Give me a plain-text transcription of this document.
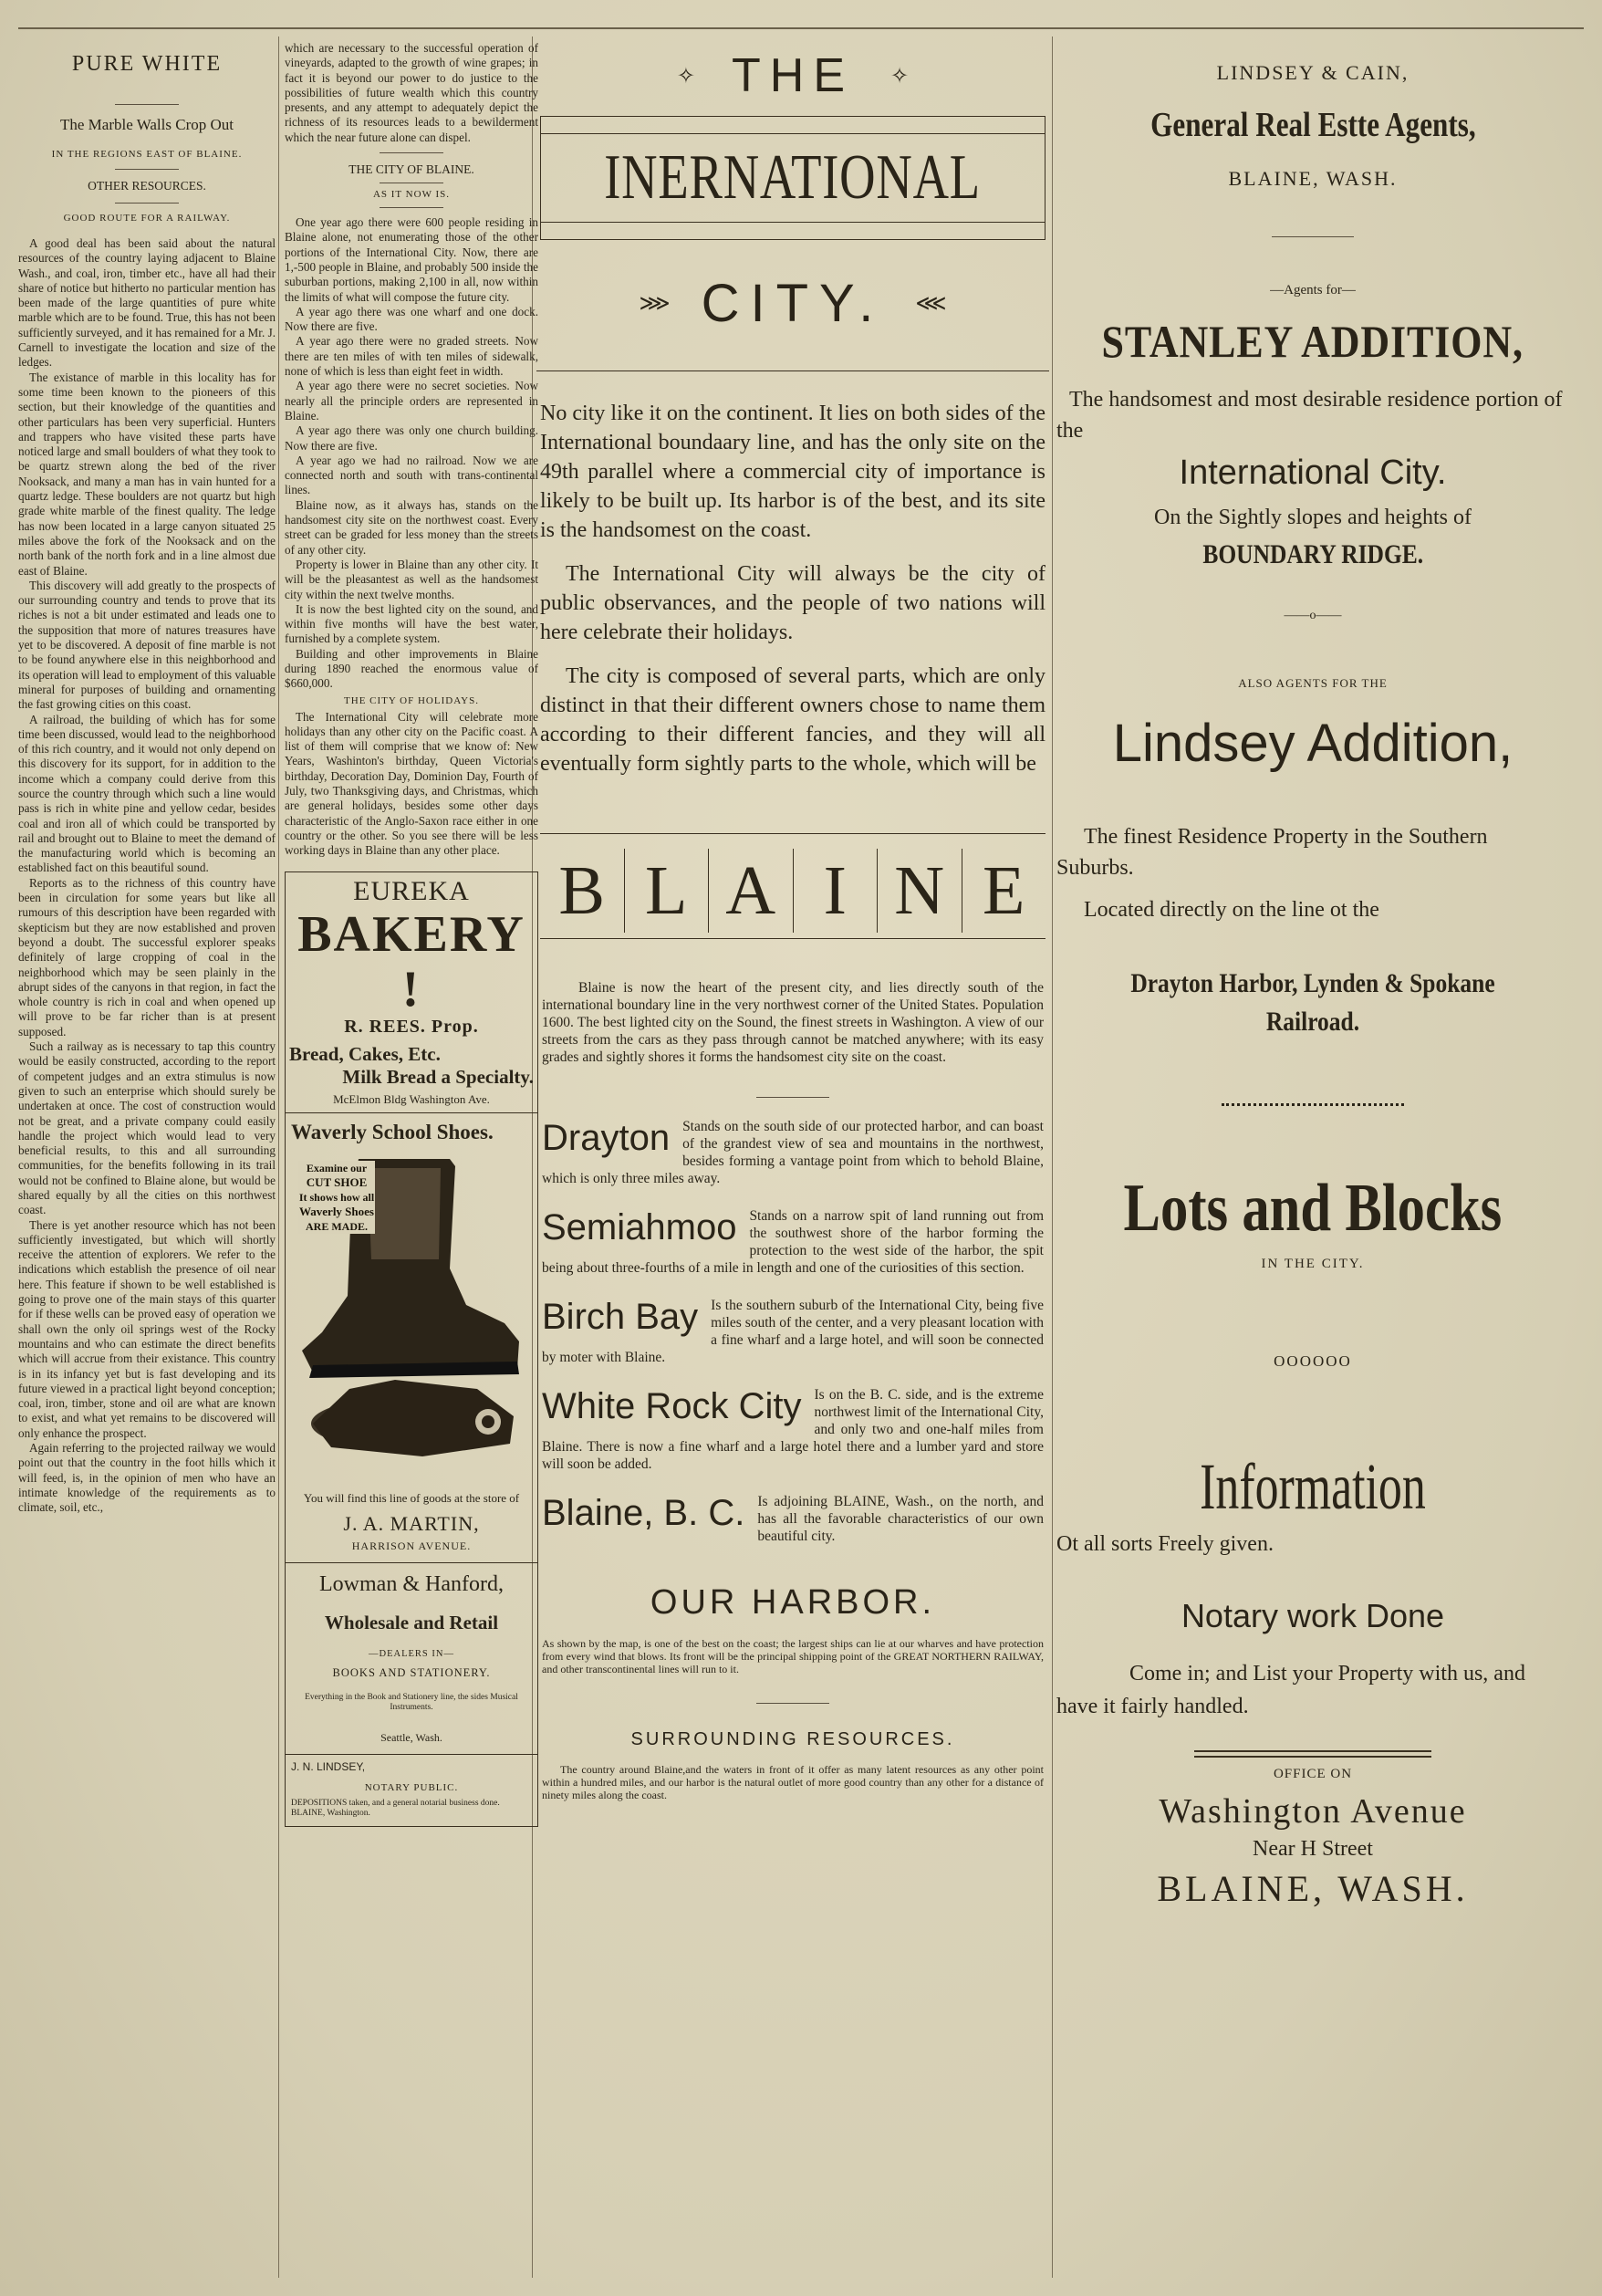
PURE WHITE
The Marble Walls Crop Out
IN THE REGIONS EAST OF BLAINE.
OTHER RESOURCES.
GOOD ROUTE FOR A RAILWAY.

A good deal has been said about the natural resources of the country laying adjacent to Blaine Wash., and coal, iron, timber etc., have all had their share of notice but hitherto no particular mention has been made of the large quantities of pure white marble which are to be found. True, this has not been sufficiently surveyed, and it has remained for a Mr. J. Carnell to investigate the location and size of the ledges.

The existance of marble in this locality has for some time been known to the pioneers of this section, but their knowledge of the quantities and other particulars has been very superficial. Hunters and trappers who have visited these parts have noticed large and small boulders of what they took to be quartz strewn along the bed of the river Nooksack, and many a man has in vain hunted for a quartz ledge. These boulders are not quartz but high grade white marble of the finest quality. The ledge has now been located in a large canyon situated 25 miles above the fork of the Nooksack and on the north bank of the north fork and in a line almost due east of Blaine.

This discovery will add greatly to the prospects of our surrounding country and tends to prove that its riches is not a bit under estimated and leads one to the supposition that more of natures treasures have yet to be discovered. A deposit of fine marble is not to be found anywhere else in this neighborhood and its operation will lead to employment of this valuable mineral for purposes of building and ornamenting the fast growing cities on this coast.

A railroad, the building of which has for some time been discussed, would lead to the neighborhood of this rich country, and it would not only depend on this discovery for its support, for in addition to the income which a company could derive from this source the country through which such a line would pass is rich in white pine and yellow cedar, besides coal and iron all of which could be transported by rail and brought out to Blaine to meet the demand of the manufacturing world which is becoming an established fact on this beautiful sound.

Reports as to the richness of this country have been in circulation for some years but like all rumours of this description have been regarded with skepticism but they are now established and proven beyond a doubt. The successful explorer speaks definitely of large cropping of coal in the neighborhood which may be seen plainly in the abrupt sides of the canyons in that region, in fact the whole country is rich in coal and when opened up will prove to be far richer than is at present supposed.

Such a railway as is necessary to tap this country would be easily constructed, according to the report of competent judges and an extra stimulus is now given to such an enterprise which should surely be undertaken at once. The cost of construction would not be great, and a private company could easily handle the project which would lead to very beneficial results, to this and all surrounding communities, for the benefits following in its trail would not be confined to Blaine alone, but would be shared equally by all the cities on this northwest coast.

There is yet another resource which has not been sufficiently investigated, but which will shortly receive the attention of explorers. We refer to the indications which establish the presence of oil near here. This feature if shown to be well established is going to prove one of the main stays of this quarter for if these wells can be proved easy of operation we shall own the only oil springs west of the Rocky mountains and who can estimate the direct benefits which will accrue from their existance. This country is in its infancy yet but is fast developing and its future viewed in a practical light beyond conception; coal, iron, timber, stone and oil are what are known to exist, and what yet remains to be discovered will only enhance the prospect.

Again referring to the projected railway we would point out that the country in the foot hills which it will feed, is, in the opinion of men who have an intimate knowledge of the requirements as to climate, soil, etc.,

which are necessary to the successful operation of vineyards, adapted to the growth of wine grapes; in fact it is beyond our power to do justice to the possibilities of future wealth which this country presents, and any attempt to adequately depict the richness of its resources leads to a bewilderment which the near future alone can dispel.

THE CITY OF BLAINE.
AS IT NOW IS.

One year ago there were 600 people residing in Blaine alone, not enumerating those of the other portions of the International City. Now, there are 1,-500 people in Blaine, and probably 500 inside the suburban portions, making 2,100 in all, now within the limits of what will compose the future city.

A year ago there was one wharf and one dock. Now there are five.

A year ago there were no graded streets. Now there are ten miles of with ten miles of sidewalk, none of which is less than eight feet in width.

A year ago there were no secret societies. Now nearly all the principle orders are represented in Blaine.

A year ago there was only one church building. Now there are five.

A year ago we had no railroad. Now we are connected north and south with trans-continental lines.

Blaine now, as it always has, stands on the handsomest city site on the northwest coast. Every street can be graded for less money than the streets of any other city.

Property is lower in Blaine than any other city. It will be the pleasantest as well as the handsomest city within the next twelve months.

It is now the best lighted city on the sound, and within five months will have the best water, furnished by a complete system.

Building and other improvements in Blaine during 1890 reached the enormous value of $660,000.

THE CITY OF HOLIDAYS.

The International City will celebrate more holidays than any other city on the Pacific coast. A list of them will comprise that we know of: New Years, Washinton's birthday, Queen Victoria's birthday, Decoration Day, Dominion Day, Fourth of July, two Thanksgiving days, and Christmas, which are general holidays, besides some other days characteristic of the Anglo-Saxon race either in one country or the other. So you see there will be less working days in Blaine than any other place.

EUREKA
BAKERY !
R. REES. Prop.
Bread, Cakes, Etc.
Milk Bread a Specialty.
McElmon Bldg Washington Ave.
Waverly School Shoes.
Examine our
CUT SHOE
It shows how all
Waverly Shoes
ARE MADE.
You will find this line of goods at the store of
J. A. MARTIN,
HARRISON AVENUE.
Lowman & Hanford,
Wholesale and Retail
—DEALERS IN—
BOOKS AND STATIONERY.
Everything in the Book and Stationery line, the sides Musical Instruments.
Seattle, Wash.
J. N. LINDSEY,
NOTARY PUBLIC.
DEPOSITIONS taken, and a general notarial business done. BLAINE, Washington.
✧ THE ✧
INERNATIONAL
⋙ CITY. ⋘

No city like it on the continent. It lies on both sides of the International boundaary line, and has the only site on the 49th parallel where a commercial city of importance is likely to be built up. Its harbor is of the best, and its site is the handsomest on the coast.

The International City will always be the city of public observances, and the people of two nations will here celebrate their holidays.

The city is composed of several parts, which are only distinct in that their different owners chose to name them according to their different fancies, and they will all eventually form sightly parts to the whole, which will be

B L A I N E

Blaine is now the heart of the present city, and lies directly south of the international boundary line in the very northwest corner of the United States. Population 1600. The best lighted city on the Sound, the finest streets in Washington. A view of our streets from the cars as they pass through cannot be matched anywhere; with its easy grades and sightly shores it forms the handsomest city site on the coast.

Drayton Stands on the south side of our protected harbor, and can boast of the grandest view of sea and mountains in the northwest, besides forming a vantage point from which to behold Blaine, which is only three miles away.
Semiahmoo Stands on a narrow spit of land running out from the southwest shore of the harbor forming the protection to the west side of the harbor, the spit being about three-fourths of a mile in length and one of the curiosities of this section.
Birch Bay Is the southern suburb of the International City, being five miles south of the center, and a very pleasant location with a fine wharf and a large hotel, and will soon be connected by moter with Blaine.
White Rock City Is on the B. C. side, and is the extreme northwest limit of the International City, and only two and one-half miles from Blaine. There is now a fine wharf and a large hotel there and a lumber yard and store will soon be added.
Blaine, B. C. Is adjoining BLAINE, Wash., on the north, and has all the favorable characteristics of our own beautiful city.
OUR HARBOR.

As shown by the map, is one of the best on the coast; the largest ships can lie at our wharves and have protection from every wind that blows. Its front will be the principal shipping point of the GREAT NORTHERN RAILWAY, and other transcontinental lines will run to it.

SURROUNDING RESOURCES.

The country around Blaine,and the waters in front of it offer as many latent resources as any other point within a hundred miles, and our harbor is the natural outlet of more good country than any other for a distance of ninety miles along the coast.

LINDSEY & CAIN,
General Real Estte Agents,
BLAINE, WASH.
—Agents for—
STANLEY ADDITION,
The handsomest and most desirable residence portion of the
International City.
On the Sightly slopes and heights of
BOUNDARY RIDGE.
——o——
ALSO AGENTS FOR THE
Lindsey Addition,
The finest Residence Property in the Southern Suburbs.
Located directly on the line ot the
Drayton Harbor, Lynden & Spokane Railroad.
Lots and Blocks
IN THE CITY.
OOOOOO
Information
Ot all sorts Freely given.
Notary work Done
Come in; and List your Property with us, and have it fairly handled.
OFFICE ON
Washington Avenue
Near H Street
BLAINE, WASH.
